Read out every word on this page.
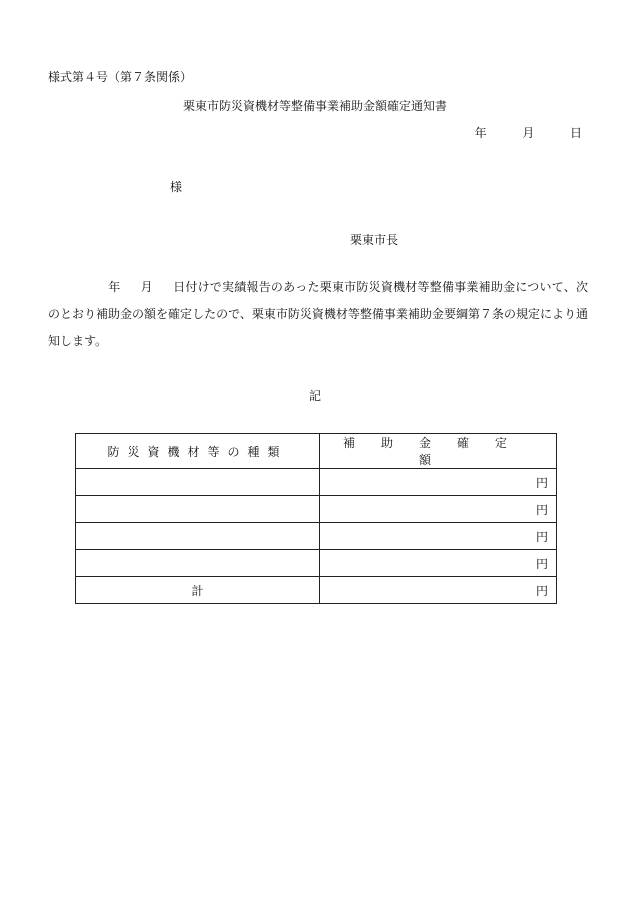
様式第４号（第７条関係）
栗東市防災資機材等整備事業補助金額確定通知書
年	月	日
様
栗東市長
年 月 日付けで実績報告のあった栗東市防災資機材等整備事業補助金について、次のとおり補助金の額を確定したので、栗東市防災資機材等整備事業補助金要綱第７条の規定により通知します。
記
防災資機材等の種類	補助金確定額
	円
	円
	円
	円
計	円
